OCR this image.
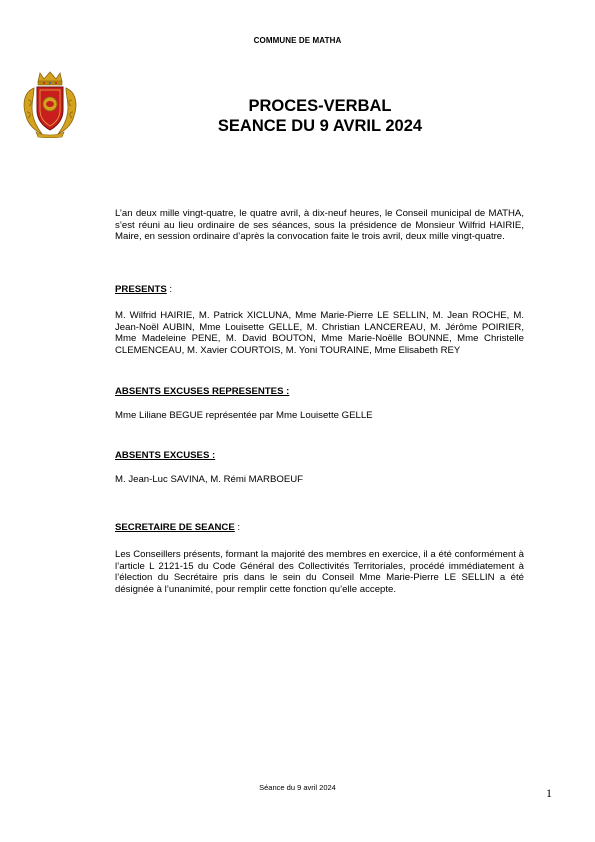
COMMUNE DE MATHA
PROCES-VERBAL
SEANCE DU 9 AVRIL 2024
L’an deux mille vingt-quatre, le quatre avril, à dix-neuf heures, le Conseil municipal de MATHA, s’est réuni au lieu ordinaire de ses séances, sous la présidence de Monsieur Wilfrid HAIRIE, Maire, en session ordinaire d’après la convocation faite le trois avril, deux mille vingt-quatre.
PRESENTS :
M. Wilfrid HAIRIE, M. Patrick XICLUNA, Mme Marie-Pierre LE SELLIN, M. Jean ROCHE, M. Jean-Noël AUBIN, Mme Louisette GELLE, M. Christian LANCEREAU, M. Jérôme POIRIER, Mme Madeleine PENE, M. David BOUTON, Mme Marie-Noëlle BOUNNE, Mme Christelle CLEMENCEAU, M. Xavier COURTOIS, M. Yoni TOURAINE, Mme Elisabeth REY
ABSENTS EXCUSES REPRESENTES :
Mme Liliane BEGUE représentée par Mme Louisette GELLE
ABSENTS EXCUSES :
M. Jean-Luc SAVINA, M. Rémi MARBOEUF
SECRETAIRE DE SEANCE :
Les Conseillers présents, formant la majorité des membres en exercice, il a été conformément à l’article L 2121-15 du Code Général des Collectivités Territoriales, procédé immédiatement à l’élection du Secrétaire pris dans le sein du Conseil Mme Marie-Pierre LE SELLIN a été désignée à l’unanimité, pour remplir cette fonction qu’elle accepte.
Séance du 9 avril 2024	1
